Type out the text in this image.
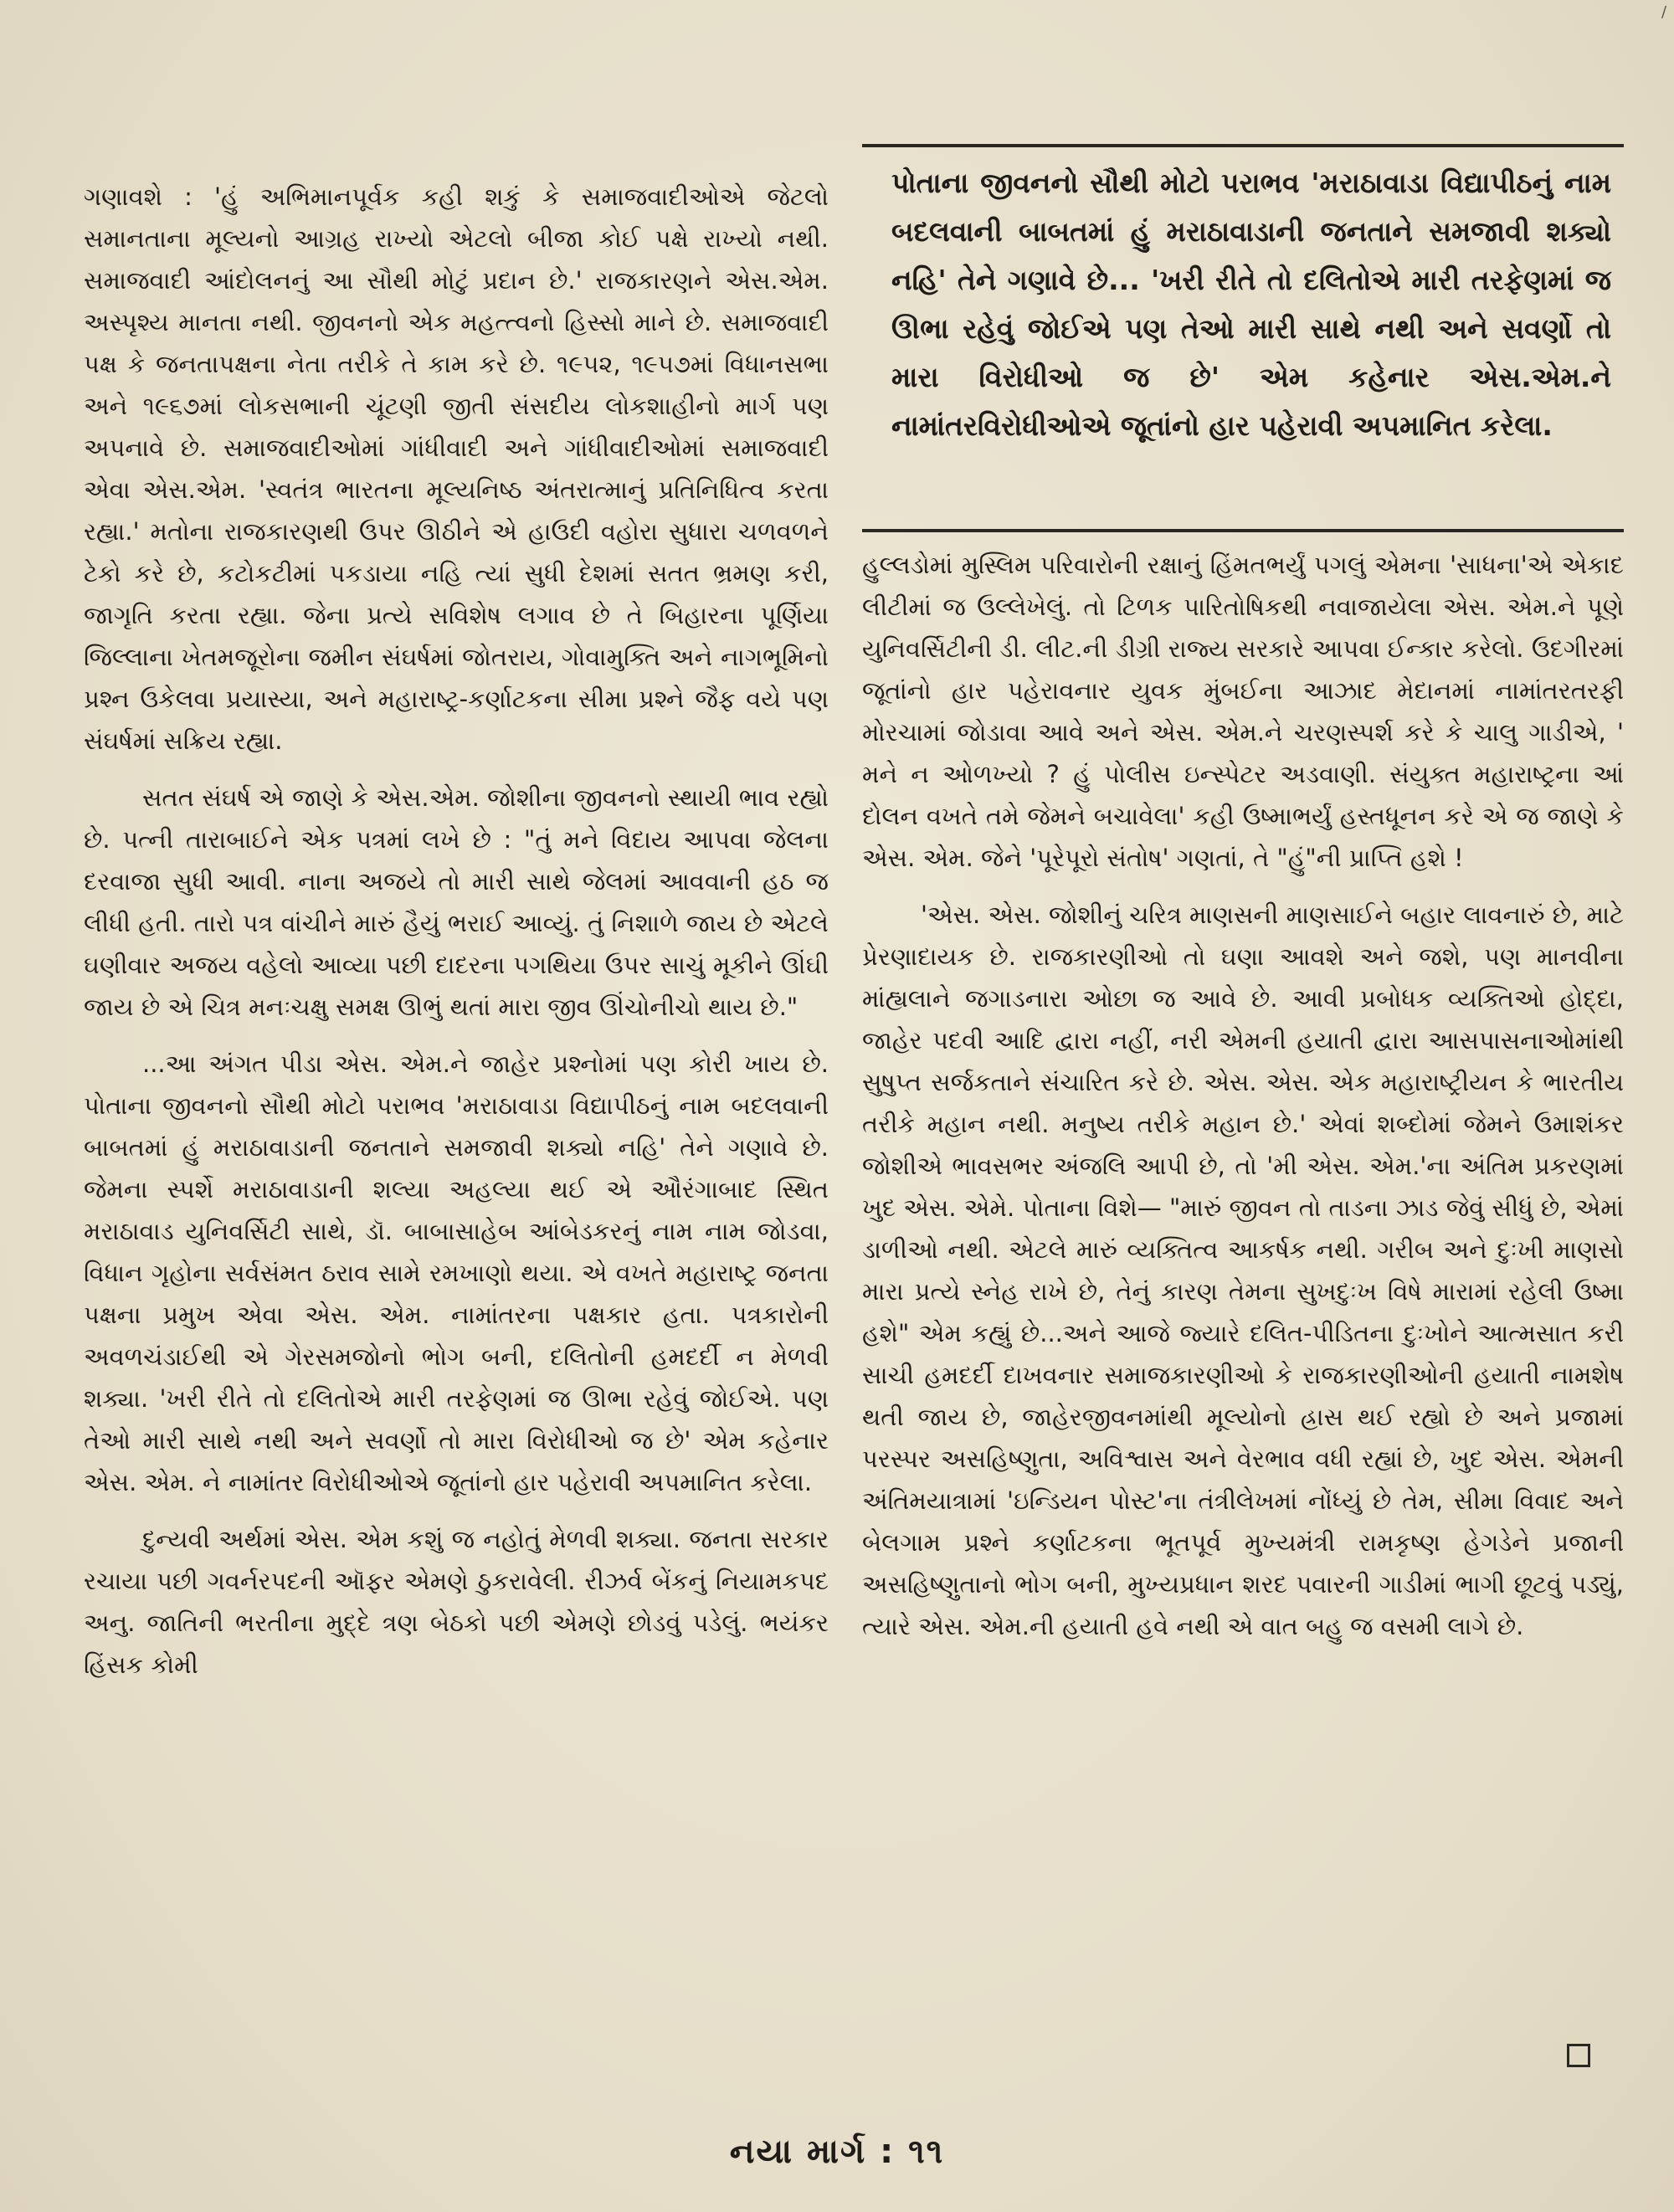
/

ગણાવશે : 'હું અભિમાનપૂર્વક કહી શકું કે સમાજવાદીઓએ જેટલો સમાનતાના મૂલ્યનો આગ્રહ રાખ્યો એટલો બીજા કોઈ પક્ષે રાખ્યો નથી. સમાજવાદી આંદોલનનું આ સૌથી મોટું પ્રદાન છે.' રાજકારણને એસ.એમ. અસ્પૃશ્ય માનતા નથી. જીવનનો એક મહત્ત્વનો હિસ્સો માને છે. સમાજવાદી પક્ષ કે જનતાપક્ષના નેતા તરીકે તે કામ કરે છે. ૧૯૫૨, ૧૯૫૭માં વિધાનસભા અને ૧૯૬૭માં લોકસભાની ચૂંટણી જીતી સંસદીય લોકશાહીનો માર્ગ પણ અપનાવે છે. સમાજવાદીઓમાં ગાંધીવાદી અને ગાંધીવાદીઓમાં સમાજવાદી એવા એસ.એમ. 'સ્વતંત્ર ભારતના મૂલ્યનિષ્ઠ અંતરાત્માનું પ્રતિનિધિત્વ કરતા રહ્યા.' મતોના રાજકારણથી ઉપર ઊઠીને એ હાઉદી વહોરા સુધારા ચળવળને ટેકો કરે છે, કટોકટીમાં પકડાયા નહિ ત્યાં સુધી દેશમાં સતત ભ્રમણ કરી, જાગૃતિ કરતા રહ્યા. જેના પ્રત્યે સવિશેષ લગાવ છે તે બિહારના પૂર્ણિયા જિલ્લાના ખેતમજૂરોના જમીન સંઘર્ષમાં જોતરાય, ગોવામુક્તિ અને નાગભૂમિનો પ્રશ્ન ઉકેલવા પ્રયાસ્યા, અને મહારાષ્ટ્ર-કર્ણાટકના સીમા પ્રશ્ને જૈફ વયે પણ સંઘર્ષમાં સક્રિય રહ્યા.

સતત સંઘર્ષ એ જાણે કે એસ.એમ. જોશીના જીવનનો સ્થાયી ભાવ રહ્યો છે. પત્ની તારાબાઈને એક પત્રમાં લખે છે : "તું મને વિદાય આપવા જેલના દરવાજા સુધી આવી. નાના અજયે તો મારી સાથે જેલમાં આવવાની હઠ જ લીધી હતી. તારો પત્ર વાંચીને મારું હૈયું ભરાઈ આવ્યું. તું નિશાળે જાય છે એટલે ઘણીવાર અજય વહેલો આવ્યા પછી દાદરના પગથિયા ઉપર સાચું મૂકીને ઊંઘી જાય છે એ ચિત્ર મનઃચક્ષુ સમક્ષ ઊભું થતાં મારા જીવ ઊંચોનીચો થાય છે."

...આ અંગત પીડા એસ. એમ.ને જાહેર પ્રશ્નોમાં પણ કોરી ખાય છે. પોતાના જીવનનો સૌથી મોટો પરાભવ 'મરાઠાવાડા વિદ્યાપીઠનું નામ બદલવાની બાબતમાં હું મરાઠાવાડાની જનતાને સમજાવી શક્યો નહિ' તેને ગણાવે છે. જેમના સ્પર્શે મરાઠાવાડાની શલ્યા અહલ્યા થઈ એ ઔરંગાબાદ સ્થિત મરાઠાવાડ યુનિવર્સિટી સાથે, ડૉ. બાબાસાહેબ આંબેડકરનું નામ નામ જોડવા, વિધાન ગૃહોના સર્વસંમત ઠરાવ સામે રમખાણો થયા. એ વખતે મહારાષ્ટ્ર જનતા પક્ષના પ્રમુખ એવા એસ. એમ. નામાંતરના પક્ષકાર હતા. પત્રકારોની અવળચંડાઈથી એ ગેરસમજોનો ભોગ બની, દલિતોની હમદર્દી ન મેળવી શક્યા. 'ખરી રીતે તો દલિતોએ મારી તરફેણમાં જ ઊભા રહેવું જોઈએ. પણ તેઓ મારી સાથે નથી અને સવર્ણો તો મારા વિરોધીઓ જ છે' એમ કહેનાર એસ. એમ. ને નામાંતર વિરોધીઓએ જૂતાંનો હાર પહેરાવી અપમાનિત કરેલા.

દુન્યવી અર્થમાં એસ. એમ કશું જ નહોતું મેળવી શક્યા. જનતા સરકાર રચાયા પછી ગવર્નરપદની ઑફર એમણે ઠુકરાવેલી. રીઝર્વ બેંકનું નિયામકપદ અનુ. જાતિની ભરતીના મુદ્દે ત્રણ બેઠકો પછી એમણે છોડવું પડેલું. ભયંકર હિંસક કોમી

પોતાના જીવનનો સૌથી મોટો પરાભવ 'મરાઠાવાડા વિદ્યાપીઠનું નામ બદલવાની બાબતમાં હું મરાઠાવાડાની જનતાને સમજાવી શક્યો નહિ' તેને ગણાવે છે... 'ખરી રીતે તો દલિતોએ મારી તરફેણમાં જ ઊભા રહેવું જોઈએ પણ તેઓ મારી સાથે નથી અને સવર્ણો તો મારા વિરોધીઓ જ છે' એમ કહેનાર એસ.એમ.ને નામાંતરવિરોધીઓએ જૂતાંનો હાર પહેરાવી અપમાનિત કરેલા.

હુલ્લડોમાં મુસ્લિમ પરિવારોની રક્ષાનું હિંમતભર્યું પગલું એમના 'સાધના'એ એકાદ લીટીમાં જ ઉલ્લેખેલું. તો ટિળક પારિતોષિકથી નવાજાયેલા એસ. એમ.ને પૂણે યુનિવર્સિટીની ડી. લીટ.ની ડીગ્રી રાજ્ય સરકારે આપવા ઈન્કાર કરેલો. ઉદગીરમાં જૂતાંનો હાર પહેરાવનાર યુવક મુંબઈના આઝાદ મેદાનમાં નામાંતરતરફી મોરચામાં જોડાવા આવે અને એસ. એમ.ને ચરણસ્પર્શ કરે કે ચાલુ ગાડીએ, ' મને ન ઓળખ્યો ? હું પોલીસ ઇન્સ્પેટર અડવાણી. સંયુક્ત મહારાષ્ટ્રના આં દોલન વખતે તમે જેમને બચાવેલા' કહી ઉષ્માભર્યું હસ્તધૂનન કરે એ જ જાણે કે એસ. એમ. જેને 'પૂરેપૂરો સંતોષ' ગણતાં, તે "હું"ની પ્રાપ્તિ હશે !

'એસ. એસ. જોશીનું ચરિત્ર માણસની માણસાઈને બહાર લાવનારું છે, માટે પ્રેરણાદાયક છે. રાજકારણીઓ તો ઘણા આવશે અને જશે, પણ માનવીના માંહ્યલાને જગાડનારા ઓછા જ આવે છે. આવી પ્રબોધક વ્યક્તિઓ હોદ્દા, જાહેર પદવી આદિ દ્વારા નહીં, નરી એમની હયાતી દ્વારા આસપાસનાઓમાંથી સુષુપ્ત સર્જકતાને સંચારિત કરે છે. એસ. એસ. એક મહારાષ્ટ્રીયન કે ભારતીય તરીકે મહાન નથી. મનુષ્ય તરીકે મહાન છે.' એવાં શબ્દોમાં જેમને ઉમાશંકર જોશીએ ભાવસભર અંજલિ આપી છે, તો 'મી એસ. એમ.'ના અંતિમ પ્રકરણમાં ખુદ એસ. એમે. પોતાના વિશે— "મારું જીવન તો તાડના ઝાડ જેવું સીધું છે, એમાં ડાળીઓ નથી. એટલે મારું વ્યક્તિત્વ આકર્ષક નથી. ગરીબ અને દુઃખી માણસો મારા પ્રત્યે સ્નેહ રાખે છે, તેનું કારણ તેમના સુખદુઃખ વિષે મારામાં રહેલી ઉષ્મા હશે" એમ કહ્યું છે...અને આજે જ્યારે દલિત-પીડિતના દુઃખોને આત્મસાત કરી સાચી હમદર્દી દાખવનાર સમાજકારણીઓ કે રાજકારણીઓની હયાતી નામશેષ થતી જાય છે, જાહેરજીવનમાંથી મૂલ્યોનો હ્રાસ થઈ રહ્યો છે અને પ્રજામાં પરસ્પર અસહિષ્ણુતા, અવિશ્વાસ અને વેરભાવ વધી રહ્યાં છે, ખુદ એસ. એમની અંતિમયાત્રામાં 'ઇન્ડિયન પોસ્ટ'ના તંત્રીલેખમાં નોંધ્યું છે તેમ, સીમા વિવાદ અને બેલગામ પ્રશ્ને કર્ણાટકના ભૂતપૂર્વ મુખ્યમંત્રી રામકૃષ્ણ હેગડેને પ્રજાની અસહિષ્ણુતાનો ભોગ બની, મુખ્યપ્રધાન શરદ પવારની ગાડીમાં ભાગી છૂટવું પડ્યું, ત્યારે એસ. એમ.ની હયાતી હવે નથી એ વાત બહુ જ વસમી લાગે છે.

નયા માર્ગ : ૧૧
